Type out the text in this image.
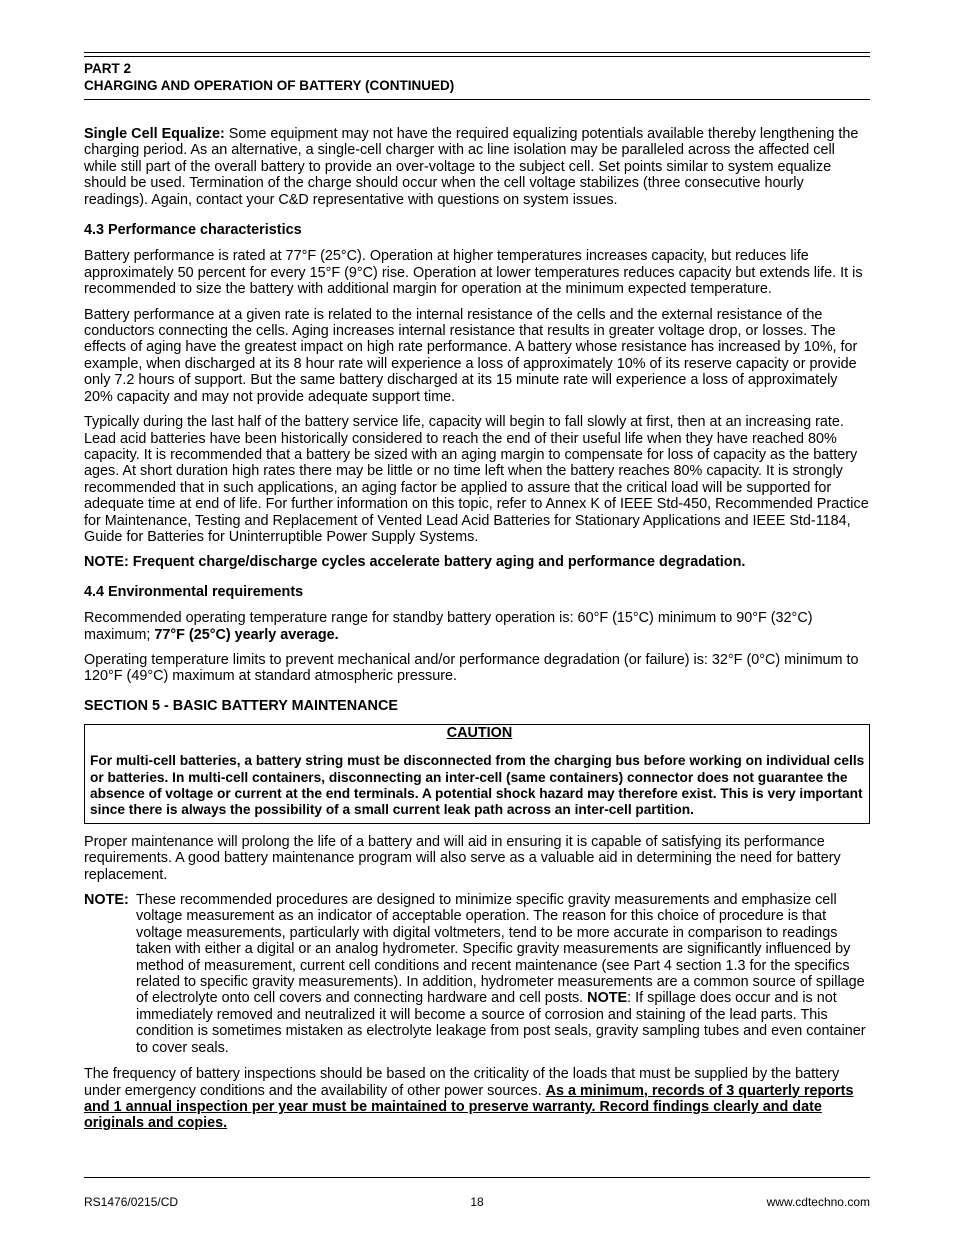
PART 2
CHARGING AND OPERATION OF BATTERY (CONTINUED)

Single Cell Equalize: Some equipment may not have the required equalizing potentials available thereby lengthening the charging period. As an alternative, a single-cell charger with ac line isolation may be paralleled across the affected cell while still part of the overall battery to provide an over-voltage to the subject cell. Set points similar to system equalize should be used. Termination of the charge should occur when the cell voltage stabilizes (three consecutive hourly readings). Again, contact your C&D representative with questions on system issues.

4.3 Performance characteristics

Battery performance is rated at 77°F (25°C). Operation at higher temperatures increases capacity, but reduces life approximately 50 percent for every 15°F (9°C) rise. Operation at lower temperatures reduces capacity but extends life. It is recommended to size the battery with additional margin for operation at the minimum expected temperature.

Battery performance at a given rate is related to the internal resistance of the cells and the external resistance of the conductors connecting the cells. Aging increases internal resistance that results in greater voltage drop, or losses. The effects of aging have the greatest impact on high rate performance. A battery whose resistance has increased by 10%, for example, when discharged at its 8 hour rate will experience a loss of approximately 10% of its reserve capacity or provide only 7.2 hours of support. But the same battery discharged at its 15 minute rate will experience a loss of approximately 20% capacity and may not provide adequate support time.

Typically during the last half of the battery service life, capacity will begin to fall slowly at first, then at an increasing rate. Lead acid batteries have been historically considered to reach the end of their useful life when they have reached 80% capacity. It is recommended that a battery be sized with an aging margin to compensate for loss of capacity as the battery ages. At short duration high rates there may be little or no time left when the battery reaches 80% capacity. It is strongly recommended that in such applications, an aging factor be applied to assure that the critical load will be supported for adequate time at end of life. For further information on this topic, refer to Annex K of IEEE Std-450, Recommended Practice for Maintenance, Testing and Replacement of Vented Lead Acid Batteries for Stationary Applications and IEEE Std-1184, Guide for Batteries for Uninterruptible Power Supply Systems.

NOTE: Frequent charge/discharge cycles accelerate battery aging and performance degradation.

4.4 Environmental requirements

Recommended operating temperature range for standby battery operation is: 60°F (15°C) minimum to 90°F (32°C) maximum; 77°F (25°C) yearly average.

Operating temperature limits to prevent mechanical and/or performance degradation (or failure) is: 32°F (0°C) minimum to 120°F (49°C) maximum at standard atmospheric pressure.

SECTION 5 - BASIC BATTERY MAINTENANCE
CAUTION
For multi-cell batteries, a battery string must be disconnected from the charging bus before working on individual cells or batteries. In multi-cell containers, disconnecting an inter-cell (same containers) connector does not guarantee the absence of voltage or current at the end terminals. A potential shock hazard may therefore exist. This is very important since there is always the possibility of a small current leak path across an inter-cell partition.

Proper maintenance will prolong the life of a battery and will aid in ensuring it is capable of satisfying its performance requirements. A good battery maintenance program will also serve as a valuable aid in determining the need for battery replacement.

NOTE: These recommended procedures are designed to minimize specific gravity measurements and emphasize cell voltage measurement as an indicator of acceptable operation. The reason for this choice of procedure is that voltage measurements, particularly with digital voltmeters, tend to be more accurate in comparison to readings taken with either a digital or an analog hydrometer. Specific gravity measurements are significantly influenced by method of measurement, current cell conditions and recent maintenance (see Part 4 section 1.3 for the specifics related to specific gravity measurements). In addition, hydrometer measurements are a common source of spillage of electrolyte onto cell covers and connecting hardware and cell posts. NOTE: If spillage does occur and is not immediately removed and neutralized it will become a source of corrosion and staining of the lead parts. This condition is sometimes mistaken as electrolyte leakage from post seals, gravity sampling tubes and even container to cover seals.

The frequency of battery inspections should be based on the criticality of the loads that must be supplied by the battery under emergency conditions and the availability of other power sources. As a minimum, records of 3 quarterly reports and 1 annual inspection per year must be maintained to preserve warranty. Record findings clearly and date originals and copies.

RS1476/0215/CD	18	www.cdtechno.com
